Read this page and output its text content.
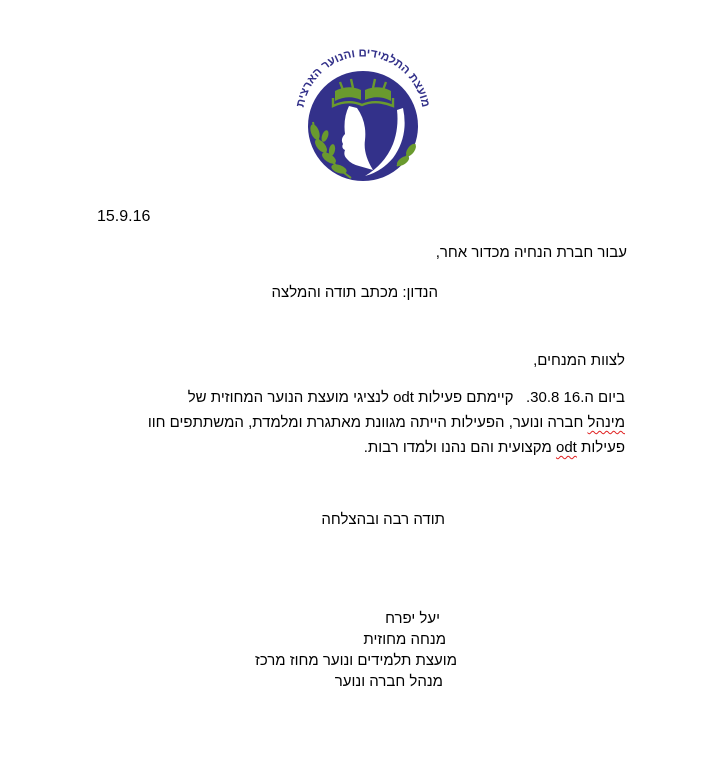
מועצת התלמידים והנוער הארצית
15.9.16
עבור חברת הנחיה מכדור אחר,
הנדון: מכתב תודה והמלצה
לצוות המנחים,
ביום ה.16 30.8.   קיימתם פעילות odt לנציגי מועצת הנוער המחוזית של
מינהל חברה ונוער, הפעילות הייתה מגוונת מאתגרת ומלמדת, המשתתפים חוו
פעילות odt מקצועית והם נהנו ולמדו רבות.
תודה רבה ובהצלחה
יעל יפרח
מנחה מחוזית
מועצת תלמידים ונוער מחוז מרכז
מנהל חברה ונוער
